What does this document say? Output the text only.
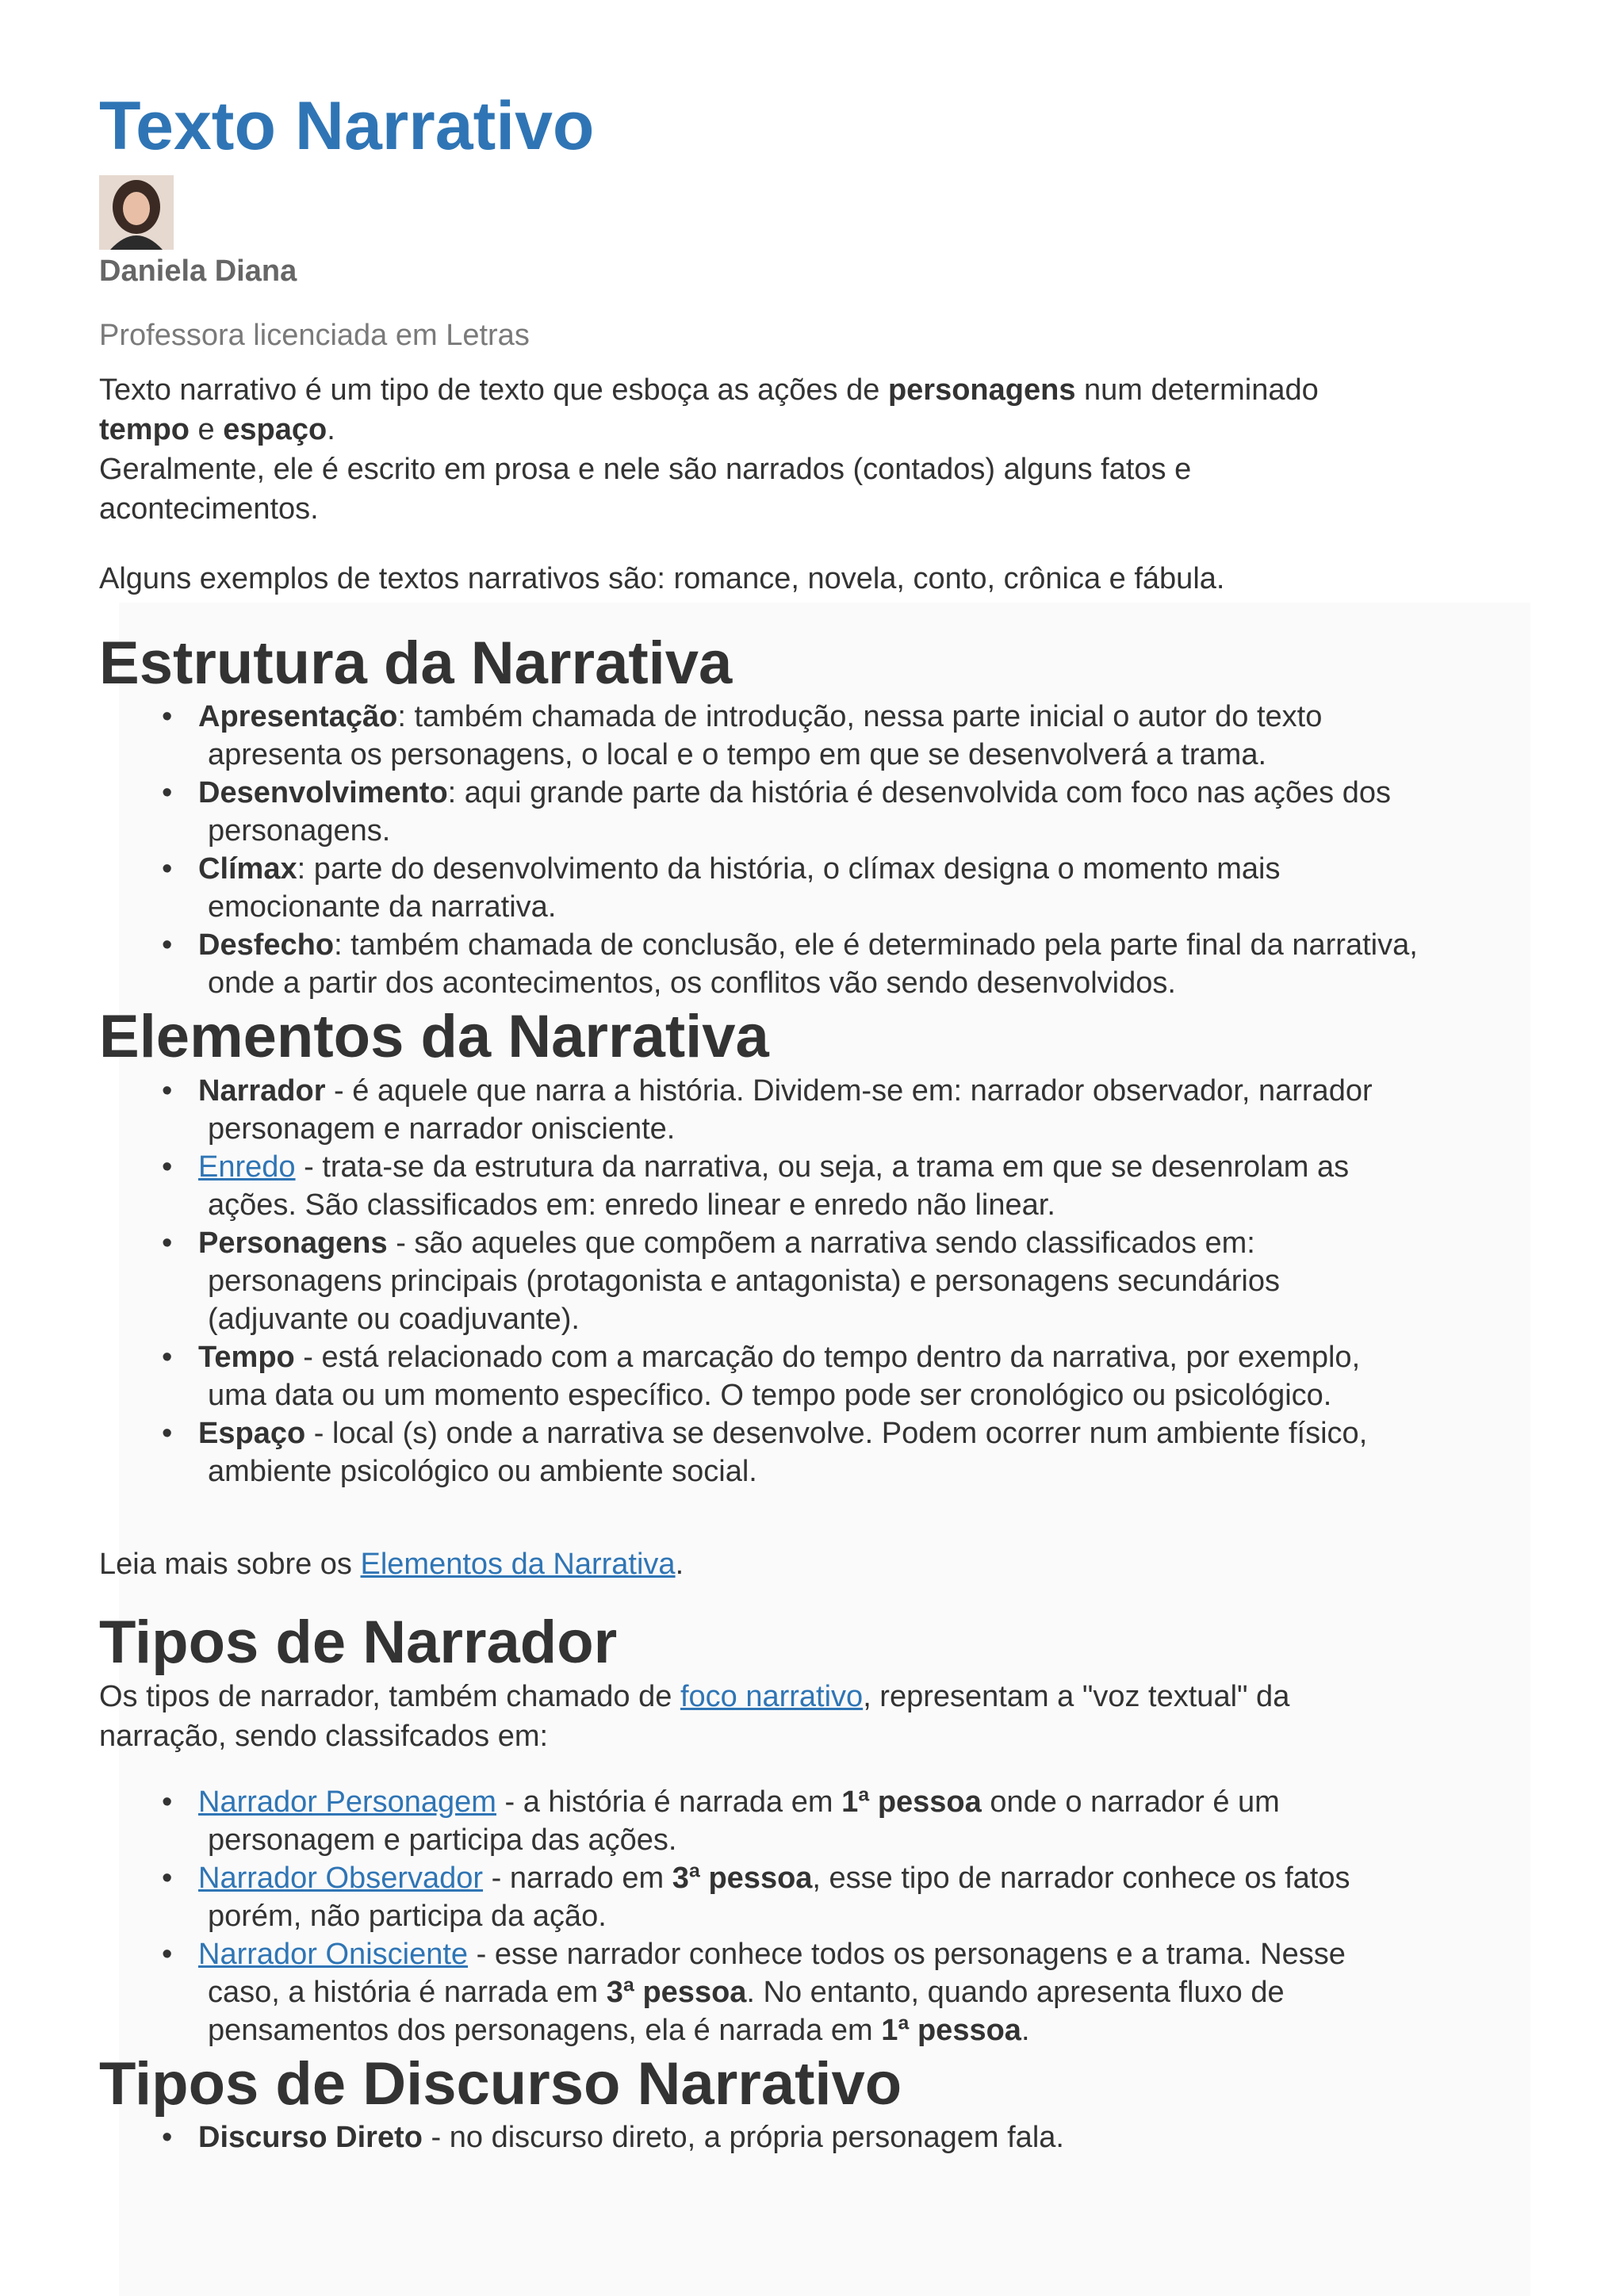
Texto Narrativo
Daniela Diana
Professora licenciada em Letras

Texto narrativo é um tipo de texto que esboça as ações de personagens num determinado tempo e espaço.
Geralmente, ele é escrito em prosa e nele são narrados (contados) alguns fatos e acontecimentos.

Alguns exemplos de textos narrativos são: romance, novela, conto, crônica e fábula.

Estrutura da Narrativa
• Apresentação: também chamada de introdução, nessa parte inicial o autor do texto
apresenta os personagens, o local e o tempo em que se desenvolverá a trama.
• Desenvolvimento: aqui grande parte da história é desenvolvida com foco nas ações dos
personagens.
• Clímax: parte do desenvolvimento da história, o clímax designa o momento mais
emocionante da narrativa.
• Desfecho: também chamada de conclusão, ele é determinado pela parte final da narrativa,
onde a partir dos acontecimentos, os conflitos vão sendo desenvolvidos.
Elementos da Narrativa
• Narrador - é aquele que narra a história. Dividem-se em: narrador observador, narrador
personagem e narrador onisciente.
• Enredo - trata-se da estrutura da narrativa, ou seja, a trama em que se desenrolam as
ações. São classificados em: enredo linear e enredo não linear.
• Personagens - são aqueles que compõem a narrativa sendo classificados em:
personagens principais (protagonista e antagonista) e personagens secundários
(adjuvante ou coadjuvante).
• Tempo - está relacionado com a marcação do tempo dentro da narrativa, por exemplo,
uma data ou um momento específico. O tempo pode ser cronológico ou psicológico.
• Espaço - local (s) onde a narrativa se desenvolve. Podem ocorrer num ambiente físico,
ambiente psicológico ou ambiente social.

Leia mais sobre os Elementos da Narrativa.

Tipos de Narrador

Os tipos de narrador, também chamado de foco narrativo, representam a "voz textual" da
narração, sendo classifcados em:

• Narrador Personagem - a história é narrada em 1ª pessoa onde o narrador é um
personagem e participa das ações.
• Narrador Observador - narrado em 3ª pessoa, esse tipo de narrador conhece os fatos
porém, não participa da ação.
• Narrador Onisciente - esse narrador conhece todos os personagens e a trama. Nesse
caso, a história é narrada em 3ª pessoa. No entanto, quando apresenta fluxo de
pensamentos dos personagens, ela é narrada em 1ª pessoa.
Tipos de Discurso Narrativo
• Discurso Direto - no discurso direto, a própria personagem fala.
